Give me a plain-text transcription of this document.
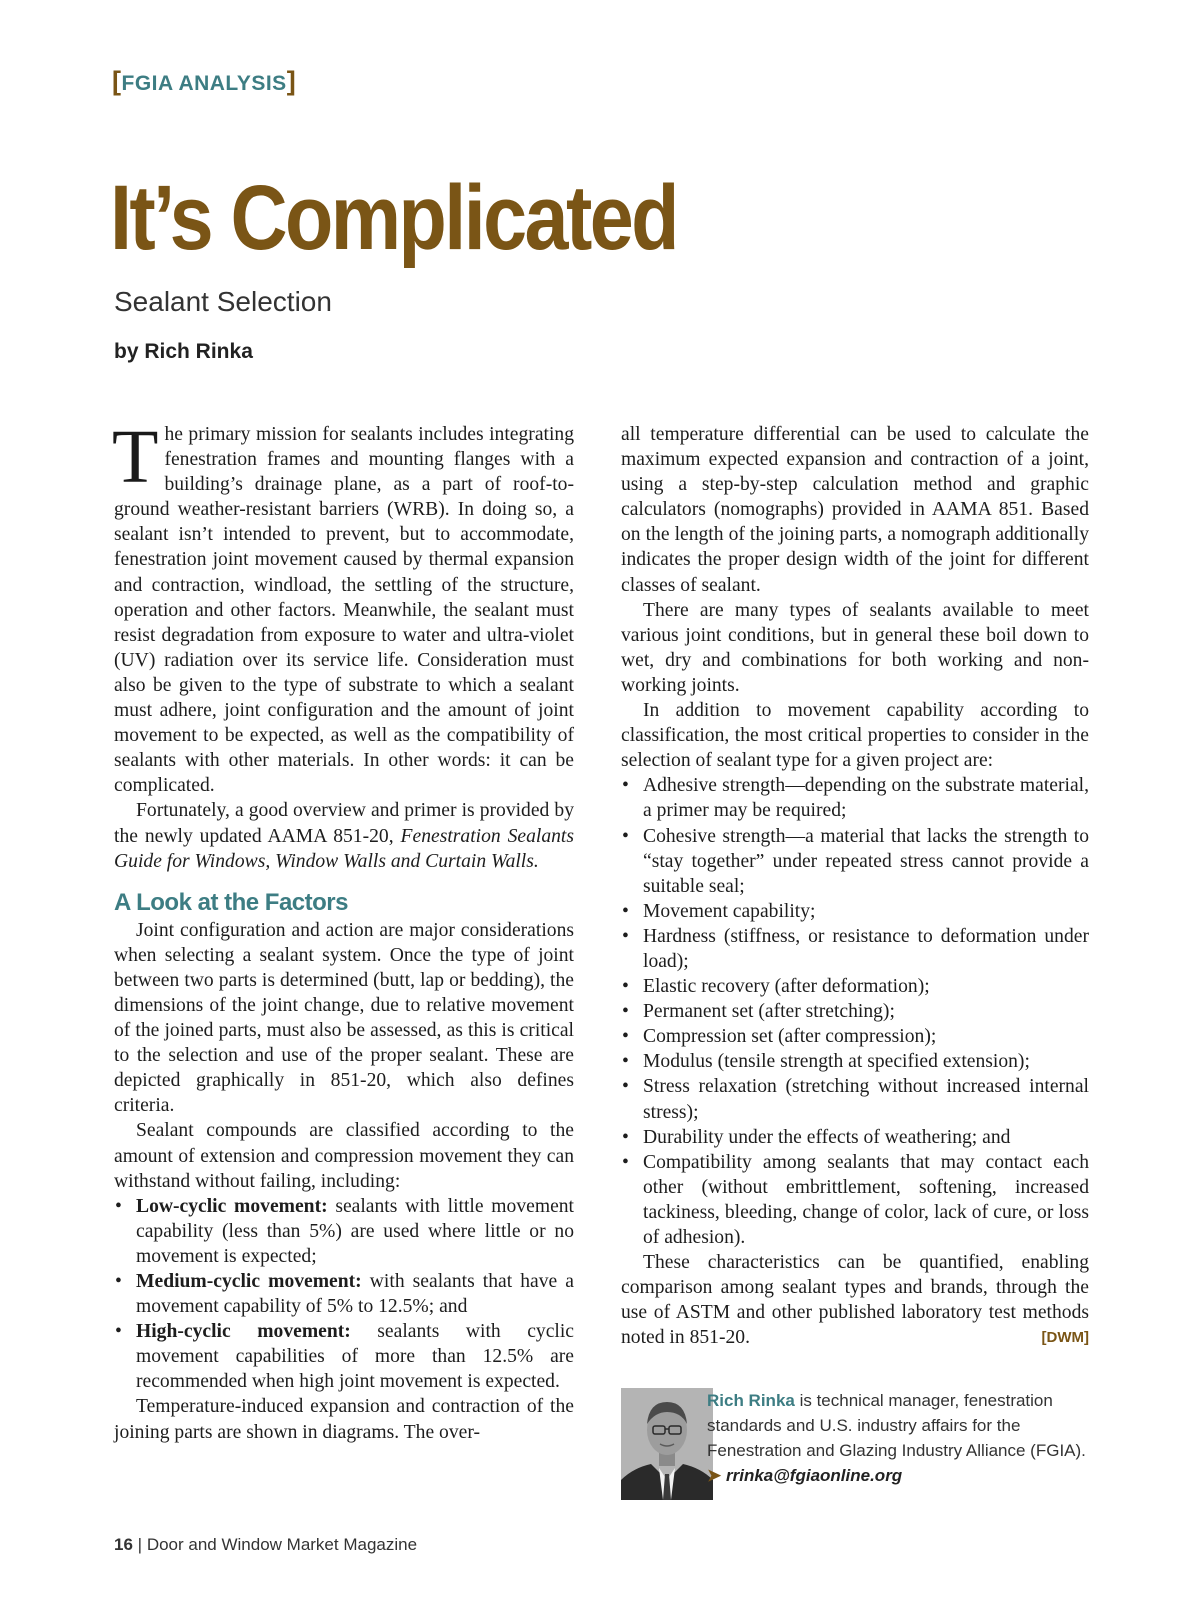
[FGIA ANALYSIS]
It’s Complicated

Sealant Selection

by Rich Rinka

The primary mission for sealants includes integrating fenestration frames and mounting flanges with a building’s drainage plane, as a part of roof-to-ground weather-resistant barriers (WRB). In doing so, a sealant isn’t intended to prevent, but to accommodate, fenestration joint movement caused by thermal expansion and contraction, windload, the settling of the structure, operation and other factors. Meanwhile, the sealant must resist degradation from exposure to water and ultra-violet (UV) radiation over its service life. Consideration must also be given to the type of substrate to which a sealant must adhere, joint configuration and the amount of joint movement to be expected, as well as the compatibility of sealants with other materials. In other words: it can be complicated.

Fortunately, a good overview and primer is provided by the newly updated AAMA 851-20, Fenestration Sealants Guide for Windows, Window Walls and Curtain Walls.

A Look at the Factors

Joint configuration and action are major considerations when selecting a sealant system. Once the type of joint between two parts is determined (butt, lap or bedding), the dimensions of the joint change, due to relative movement of the joined parts, must also be assessed, as this is critical to the selection and use of the proper sealant. These are depicted graphically in 851-20, which also defines criteria.

Sealant compounds are classified according to the amount of extension and compression movement they can withstand without failing, including:

• Low-cyclic movement: sealants with little movement capability (less than 5%) are used where little or no movement is expected;
• Medium-cyclic movement: with sealants that have a movement capability of 5% to 12.5%; and
• High-cyclic movement: sealants with cyclic movement capabilities of more than 12.5% are recommended when high joint movement is expected.

Temperature-induced expansion and contraction of the joining parts are shown in diagrams. The over-

all temperature differential can be used to calculate the maximum expected expansion and contraction of a joint, using a step-by-step calculation method and graphic calculators (nomographs) provided in AAMA 851. Based on the length of the joining parts, a nomograph additionally indicates the proper design width of the joint for different classes of sealant.

There are many types of sealants available to meet various joint conditions, but in general these boil down to wet, dry and combinations for both working and non-working joints.

In addition to movement capability according to classification, the most critical properties to consider in the selection of sealant type for a given project are:

• Adhesive strength—depending on the substrate material, a primer may be required;
• Cohesive strength—a material that lacks the strength to “stay together” under repeated stress cannot provide a suitable seal;
• Movement capability;
• Hardness (stiffness, or resistance to deformation under load);
• Elastic recovery (after deformation);
• Permanent set (after stretching);
• Compression set (after compression);
• Modulus (tensile strength at specified extension);
• Stress relaxation (stretching without increased internal stress);
• Durability under the effects of weathering; and
• Compatibility among sealants that may contact each other (without embrittlement, softening, increased tackiness, bleeding, change of color, lack of cure, or loss of adhesion).

These characteristics can be quantified, enabling comparison among sealant types and brands, through the use of ASTM and other published laboratory test methods noted in 851-20.	[DWM]

Rich Rinka is technical manager, fenestration standards and U.S. industry affairs for the Fenestration and Glazing Industry Alliance (FGIA).
➤ rrinka@fgiaonline.org
16 | Door and Window Market Magazine
